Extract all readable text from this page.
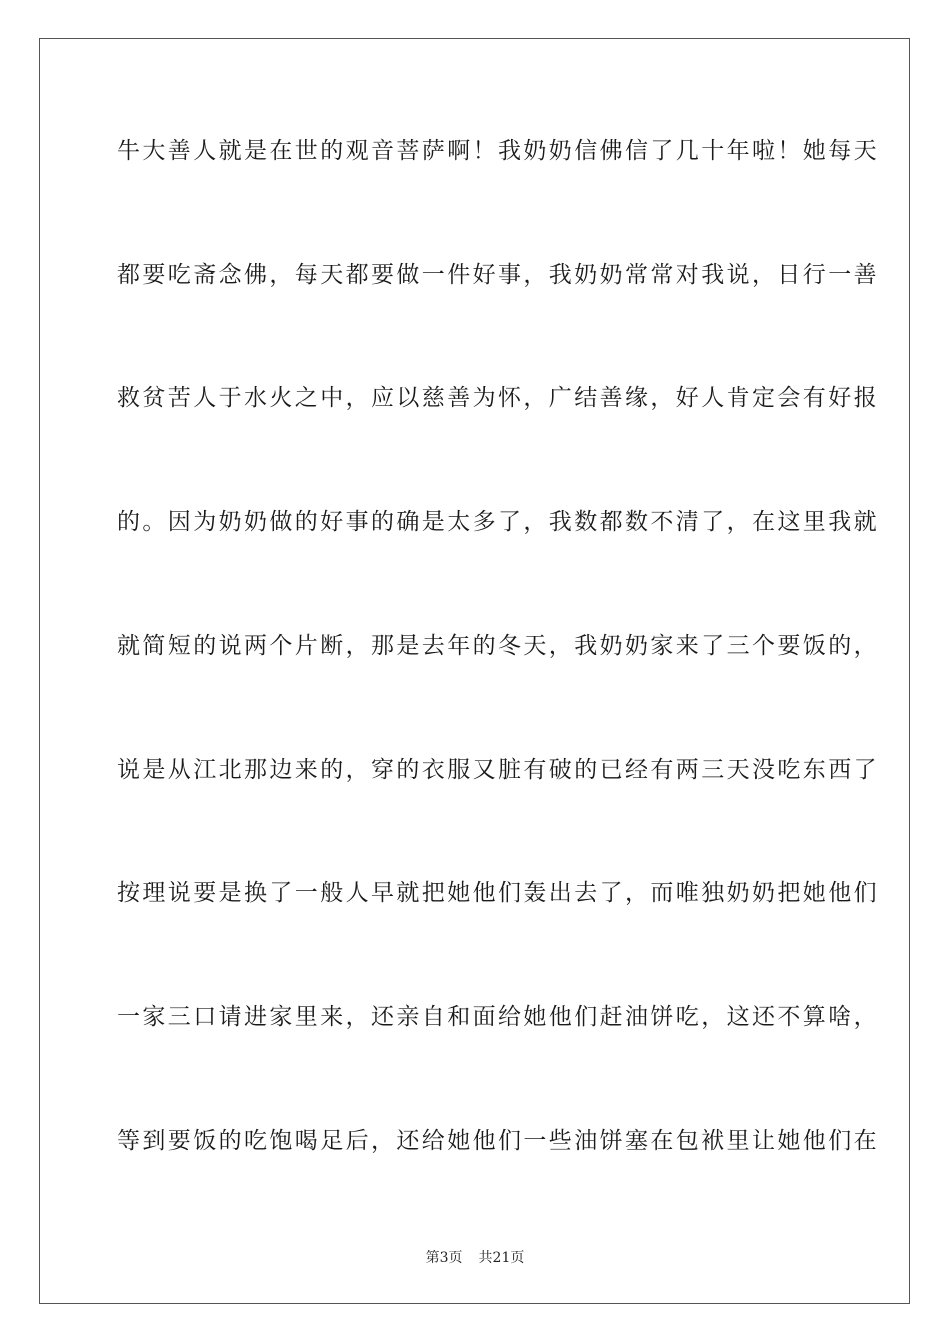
牛大善人就是在世的观音菩萨啊！我奶奶信佛信了几十年啦！她每天
都要吃斋念佛，每天都要做一件好事，我奶奶常常对我说，日行一善
救贫苦人于水火之中，应以慈善为怀，广结善缘，好人肯定会有好报
的。因为奶奶做的好事的确是太多了，我数都数不清了，在这里我就
就简短的说两个片断，那是去年的冬天，我奶奶家来了三个要饭的，
说是从江北那边来的，穿的衣服又脏有破的已经有两三天没吃东西了
按理说要是换了一般人早就把她他们轰出去了，而唯独奶奶把她他们
一家三口请进家里来，还亲自和面给她他们赶油饼吃，这还不算啥，
等到要饭的吃饱喝足后，还给她他们一些油饼塞在包袱里让她他们在
第3页 共21页
